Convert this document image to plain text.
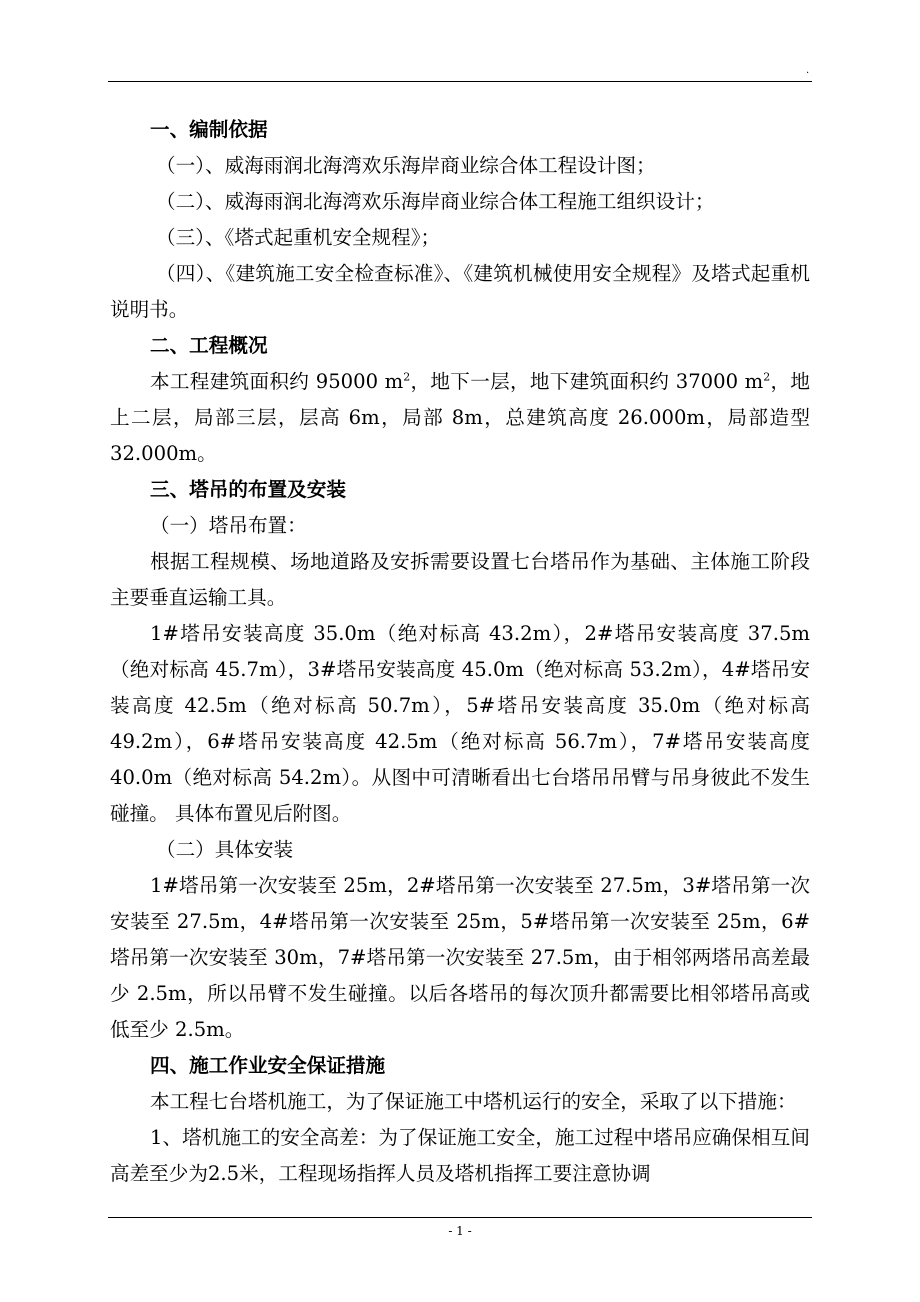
.

一、编制依据

（一）、威海雨润北海湾欢乐海岸商业综合体工程设计图；

（二）、威海雨润北海湾欢乐海岸商业综合体工程施工组织设计；

（三）、《塔式起重机安全规程》；

（四）、《建筑施工安全检查标准》、《建筑机械使用安全规程》及塔式起重机说明书。

二、工程概况

本工程建筑面积约 95000 $m^2$，地下一层，地下建筑面积约 37000 $m^2$，地上二层，局部三层，层高 6m，局部 8m，总建筑高度 26.000m，局部造型 32.000m。

三、塔吊的布置及安装

（一）塔吊布置：

根据工程规模、场地道路及安拆需要设置七台塔吊作为基础、主体施工阶段主要垂直运输工具。

1#塔吊安装高度 35.0m（绝对标高 43.2m），2#塔吊安装高度 37.5m（绝对标高 45.7m），3#塔吊安装高度 45.0m（绝对标高 53.2m），4#塔吊安装高度 42.5m（绝对标高 50.7m），5#塔吊安装高度 35.0m（绝对标高 49.2m），6#塔吊安装高度 42.5m（绝对标高 56.7m），7#塔吊安装高度 40.0m（绝对标高 54.2m）。从图中可清晰看出七台塔吊吊臂与吊身彼此不发生碰撞。 具体布置见后附图。

（二）具体安装

1#塔吊第一次安装至 25m，2#塔吊第一次安装至 27.5m，3#塔吊第一次安装至 27.5m，4#塔吊第一次安装至 25m，5#塔吊第一次安装至 25m，6#塔吊第一次安装至 30m，7#塔吊第一次安装至 27.5m，由于相邻两塔吊高差最少 2.5m，所以吊臂不发生碰撞。以后各塔吊的每次顶升都需要比相邻塔吊高或低至少 2.5m。

四、施工作业安全保证措施

本工程七台塔机施工，为了保证施工中塔机运行的安全，采取了以下措施：

1、塔机施工的安全高差：为了保证施工安全，施工过程中塔吊应确保相互间高差至少为2.5米，工程现场指挥人员及塔机指挥工要注意协调

- 1 -
